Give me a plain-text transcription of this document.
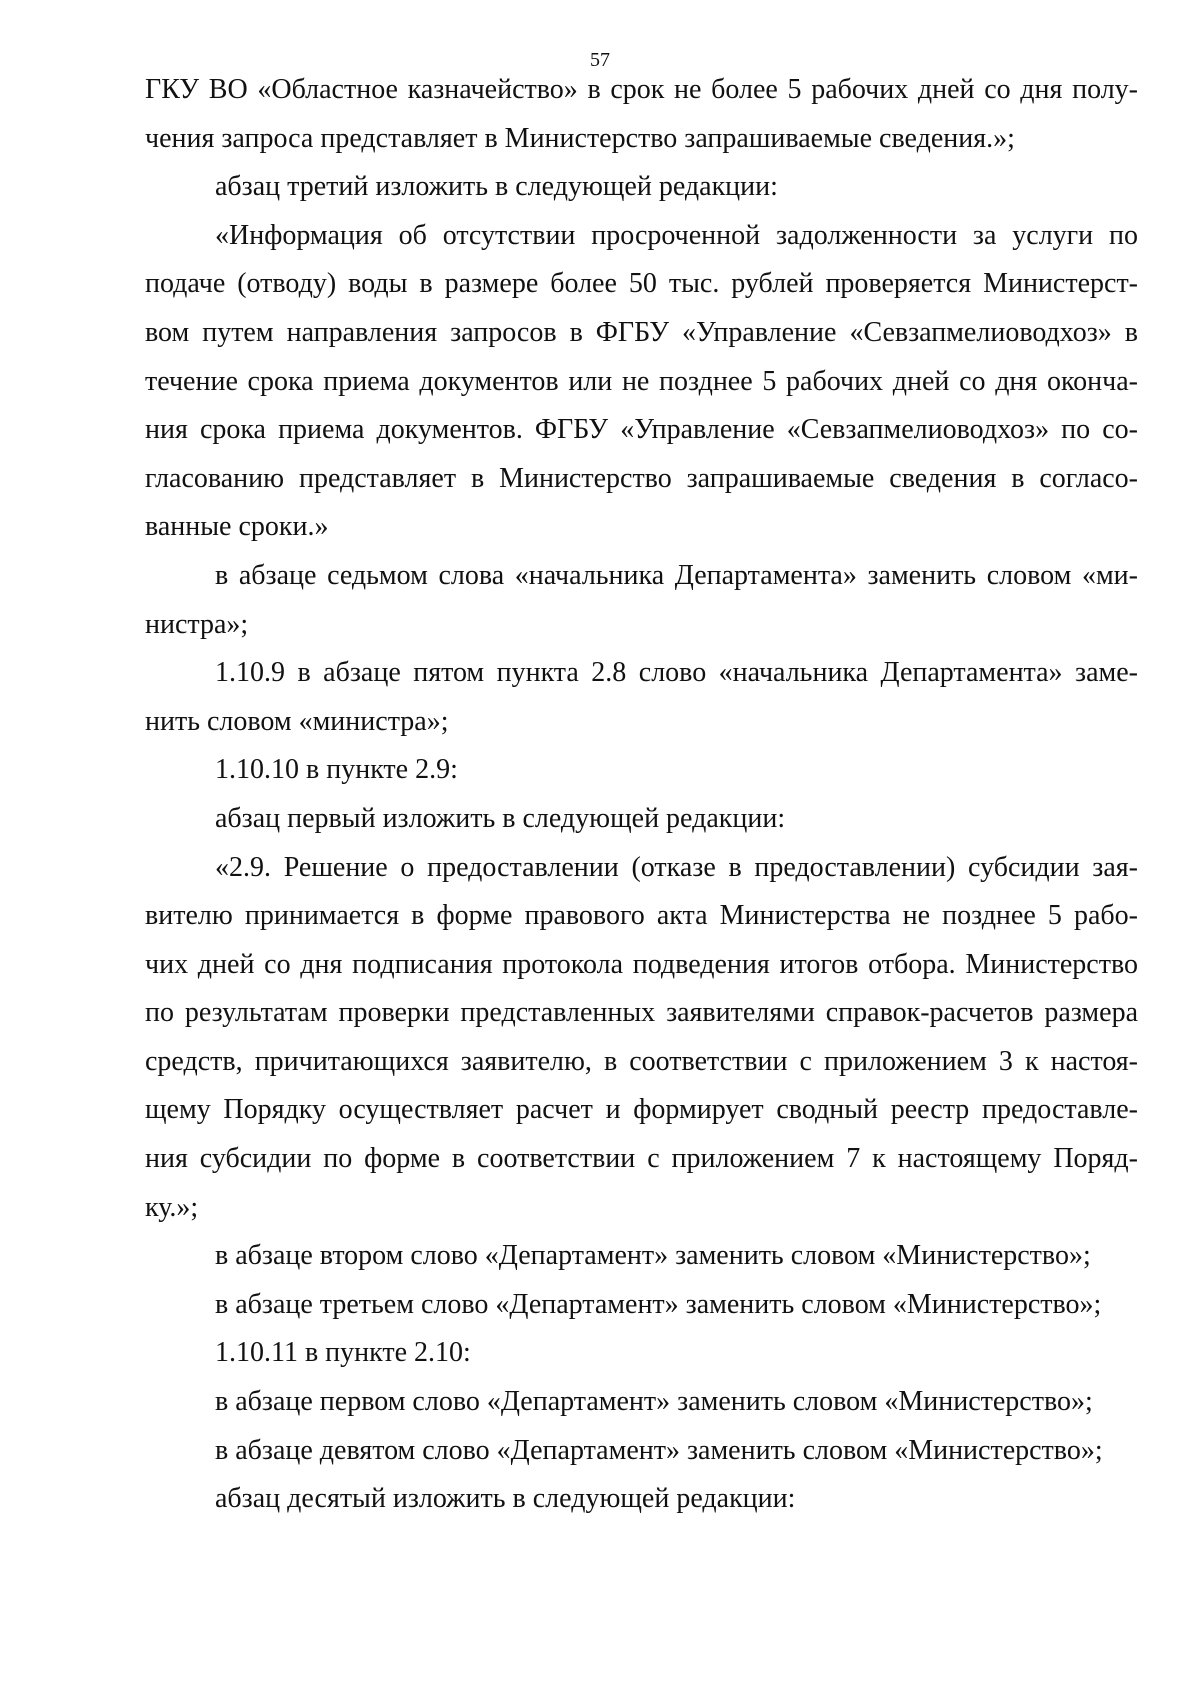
57
ГКУ ВО «Областное казначейство» в срок не более 5 рабочих дней со дня полу-
чения запроса представляет в Министерство запрашиваемые сведения.»;
абзац третий изложить в следующей редакции:
«Информация об отсутствии просроченной задолженности за услуги по
подаче (отводу) воды в размере более 50 тыс. рублей проверяется Министерст-
вом путем направления запросов в ФГБУ «Управление «Севзапмелиоводхоз» в
течение срока приема документов или не позднее 5 рабочих дней со дня оконча-
ния срока приема документов. ФГБУ «Управление «Севзапмелиоводхоз» по со-
гласованию представляет в Министерство запрашиваемые сведения в согласо-
ванные сроки.»
в абзаце седьмом слова «начальника Департамента» заменить словом «ми-
нистра»;
1.10.9 в абзаце пятом пункта 2.8 слово «начальника Департамента» заме-
нить словом «министра»;
1.10.10 в пункте 2.9:
абзац первый изложить в следующей редакции:
«2.9. Решение о предоставлении (отказе в предоставлении) субсидии зая-
вителю принимается в форме правового акта Министерства не позднее 5 рабо-
чих дней со дня подписания протокола подведения итогов отбора. Министерство
по результатам проверки представленных заявителями справок-расчетов размера
средств, причитающихся заявителю, в соответствии с приложением 3 к настоя-
щему Порядку осуществляет расчет и формирует сводный реестр предоставле-
ния субсидии по форме в соответствии с приложением 7 к настоящему Поряд-
ку.»;
в абзаце втором слово «Департамент» заменить словом «Министерство»;
в абзаце третьем слово «Департамент» заменить словом «Министерство»;
1.10.11 в пункте 2.10:
в абзаце первом слово «Департамент» заменить словом «Министерство»;
в абзаце девятом слово «Департамент» заменить словом «Министерство»;
абзац десятый изложить в следующей редакции:
